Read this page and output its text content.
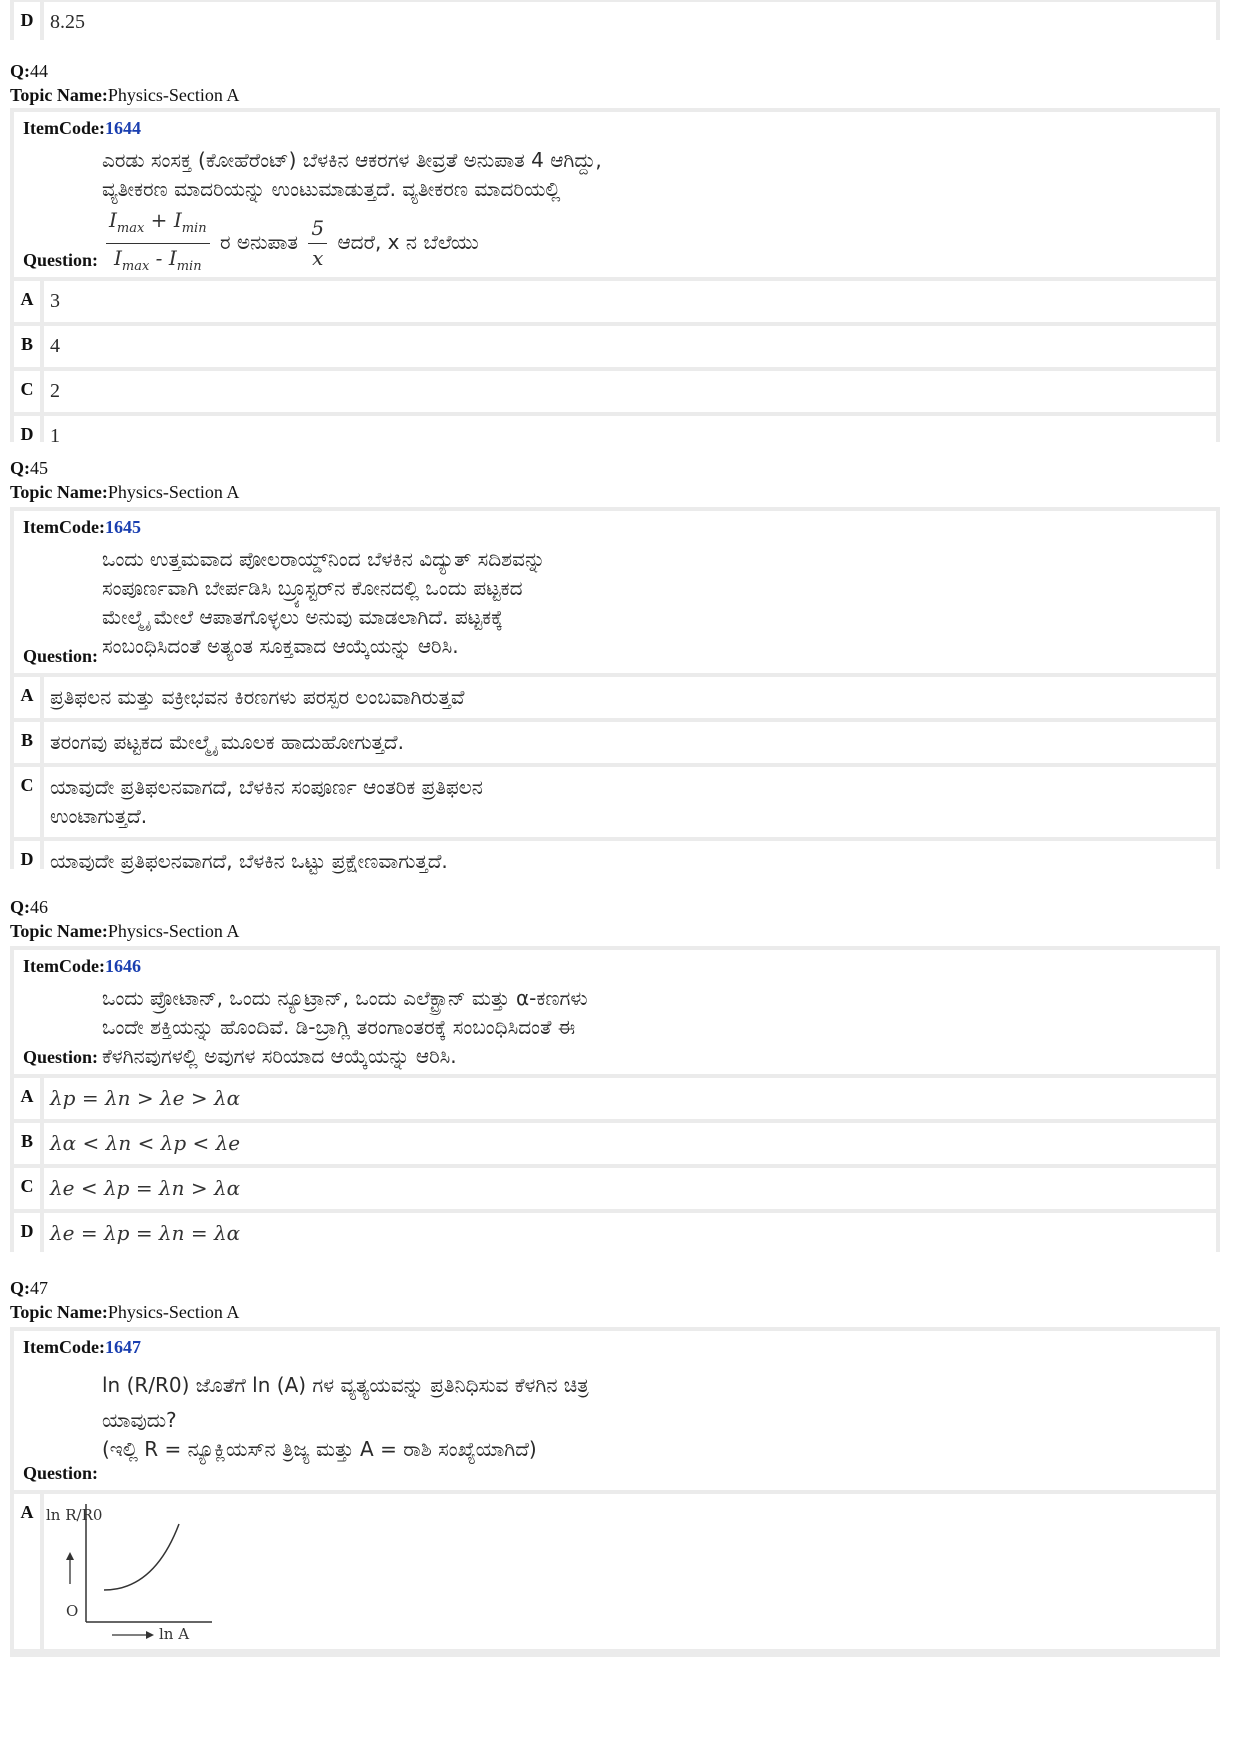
D 8.25
Q:44
Topic Name:Physics-Section A
ItemCode:1644
ಎರಡು ಸಂಸಕ್ತ (ಕೋಹೆರೆಂಟ್) ಬೆಳಕಿನ ಆಕರಗಳ ತೀವ್ರತೆ ಅನುಪಾತ 4 ಆಗಿದ್ದು,
ವ್ಯತೀಕರಣ ಮಾದರಿಯನ್ನು ಉಂಟುಮಾಡುತ್ತದೆ. ವ್ಯತೀಕರಣ ಮಾದರಿಯಲ್ಲಿ
$\frac{I_{max} + I_{min}}{I_{max} - I_{min}}$ ರ ಅನುಪಾತ $\frac{5}{x}$ ಆದರೆ, x ನ ಬೆಲೆಯು
Question:
A 3
B 4
C 2
D 1
Q:45
Topic Name:Physics-Section A
ItemCode:1645
ಒಂದು ಉತ್ತಮವಾದ ಪೋಲರಾಯ್ಡ್‌ನಿಂದ ಬೆಳಕಿನ ವಿದ್ಯುತ್ ಸದಿಶವನ್ನು
ಸಂಪೂರ್ಣವಾಗಿ ಬೇರ್ಪಡಿಸಿ ಬ್ರ್ಯೂಸ್ಟರ್‌ನ ಕೋನದಲ್ಲಿ ಒಂದು ಪಟ್ಟಕದ
ಮೇಲ್ಮೈ ಮೇಲೆ ಆಪಾತಗೊಳ್ಳಲು ಅನುವು ಮಾಡಲಾಗಿದೆ. ಪಟ್ಟಕಕ್ಕೆ
ಸಂಬಂಧಿಸಿದಂತೆ ಅತ್ಯಂತ ಸೂಕ್ತವಾದ ಆಯ್ಕೆಯನ್ನು ಆರಿಸಿ.
Question:
A ಪ್ರತಿಫಲನ ಮತ್ತು ವಕ್ರೀಭವನ ಕಿರಣಗಳು ಪರಸ್ಪರ ಲಂಬವಾಗಿರುತ್ತವೆ
B ತರಂಗವು ಪಟ್ಟಕದ ಮೇಲ್ಮೈ ಮೂಲಕ ಹಾದುಹೋಗುತ್ತದೆ.
C ಯಾವುದೇ ಪ್ರತಿಫಲನವಾಗದೆ, ಬೆಳಕಿನ ಸಂಪೂರ್ಣ ಆಂತರಿಕ ಪ್ರತಿಫಲನ
ಉಂಟಾಗುತ್ತದೆ.
D ಯಾವುದೇ ಪ್ರತಿಫಲನವಾಗದೆ, ಬೆಳಕಿನ ಒಟ್ಟು ಪ್ರಕ್ಷೇಣವಾಗುತ್ತದೆ.
Q:46
Topic Name:Physics-Section A
ItemCode:1646
ಒಂದು ಪ್ರೋಟಾನ್, ಒಂದು ನ್ಯೂಟ್ರಾನ್, ಒಂದು ಎಲೆಕ್ಟ್ರಾನ್ ಮತ್ತು α-ಕಣಗಳು
ಒಂದೇ ಶಕ್ತಿಯನ್ನು ಹೊಂದಿವೆ. ಡಿ-ಬ್ರಾಗ್ಲಿ ತರಂಗಾಂತರಕ್ಕೆ ಸಂಬಂಧಿಸಿದಂತೆ ಈ
ಕೆಳಗಿನವುಗಳಲ್ಲಿ ಅವುಗಳ ಸರಿಯಾದ ಆಯ್ಕೆಯನ್ನು ಆರಿಸಿ.
Question:
A λp = λn > λe > λα
B λα < λn < λp < λe
C λe < λp = λn > λα
D λe = λp = λn = λα
Q:47
Topic Name:Physics-Section A
ItemCode:1647
ln (R/R0) ಜೊತೆಗೆ ln (A) ಗಳ ವ್ಯತ್ಯಯವನ್ನು ಪ್ರತಿನಿಧಿಸುವ ಕೆಳಗಿನ ಚಿತ್ರ
ಯಾವುದು?
(ಇಲ್ಲಿ R = ನ್ಯೂಕ್ಲಿಯಸ್‌ನ ತ್ರಿಜ್ಯ ಮತ್ತು A = ರಾಶಿ ಸಂಖ್ಯೆಯಾಗಿದೆ)
Question:
A ln R/R0
O
ln A
